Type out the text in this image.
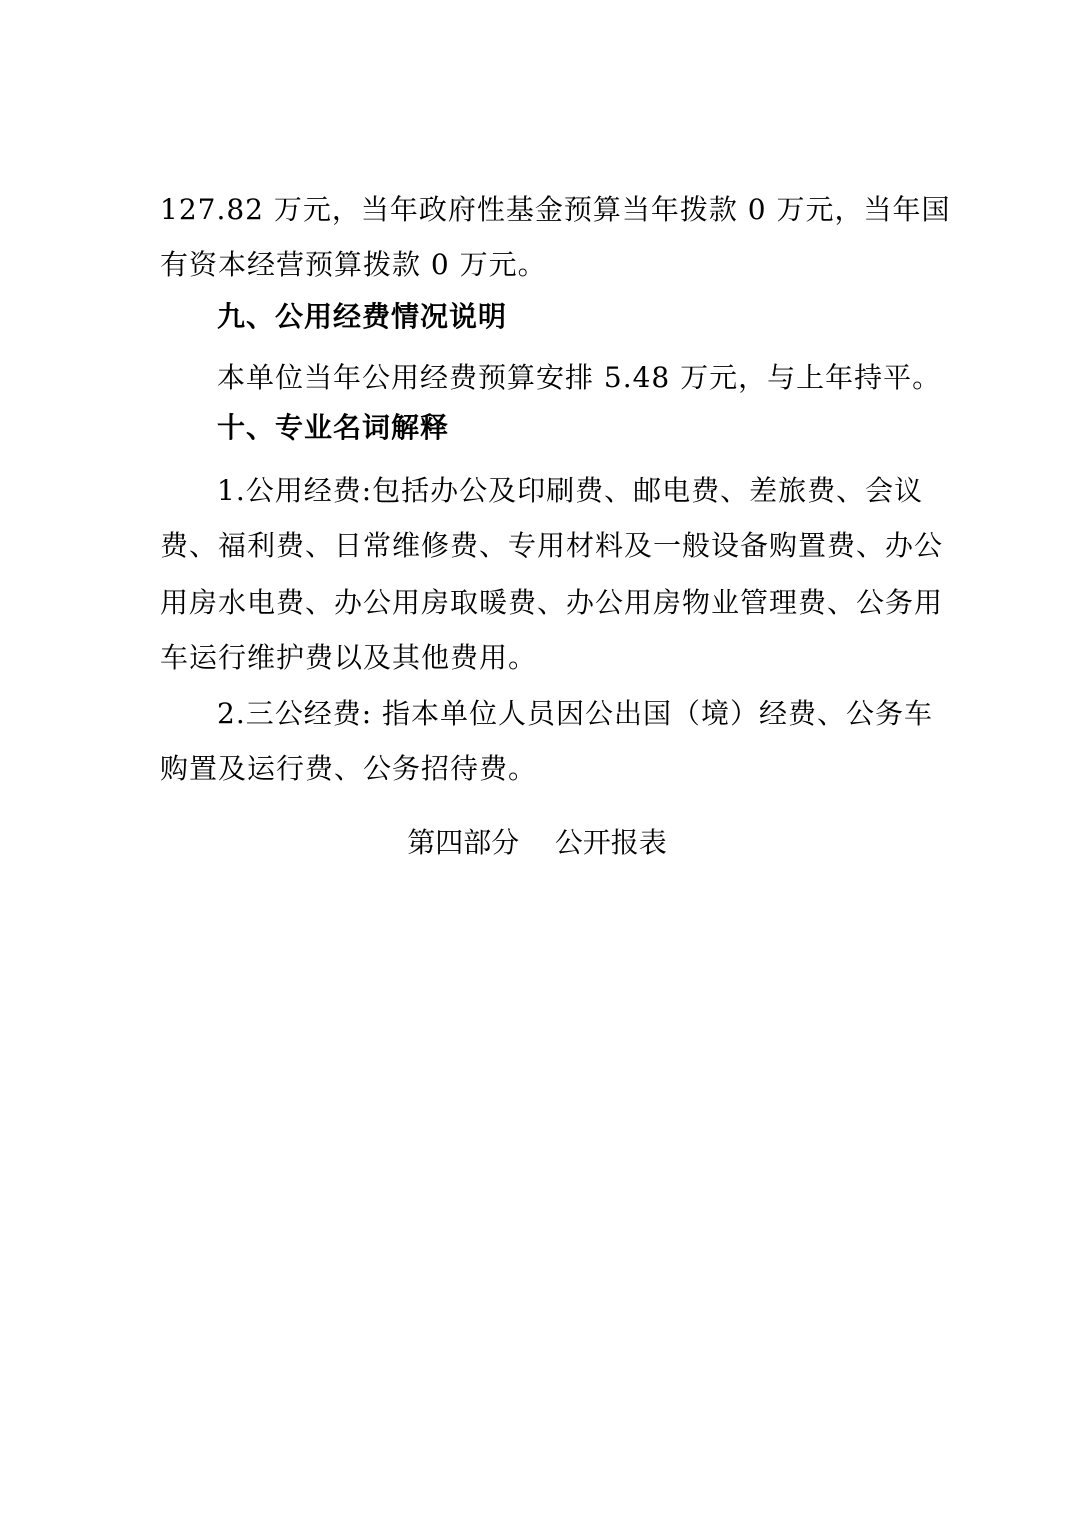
127.82 万元，当年政府性基金预算当年拨款 0 万元，当年国
有资本经营预算拨款 0 万元。
九、公用经费情况说明
本单位当年公用经费预算安排 5.48 万元，与上年持平。
十、专业名词解释
1.公用经费:包括办公及印刷费、邮电费、差旅费、会议
费、福利费、日常维修费、专用材料及一般设备购置费、办公
用房水电费、办公用房取暖费、办公用房物业管理费、公务用
车运行维护费以及其他费用。
2.三公经费: 指本单位人员因公出国（境）经费、公务车
购置及运行费、公务招待费。
第四部分    公开报表
